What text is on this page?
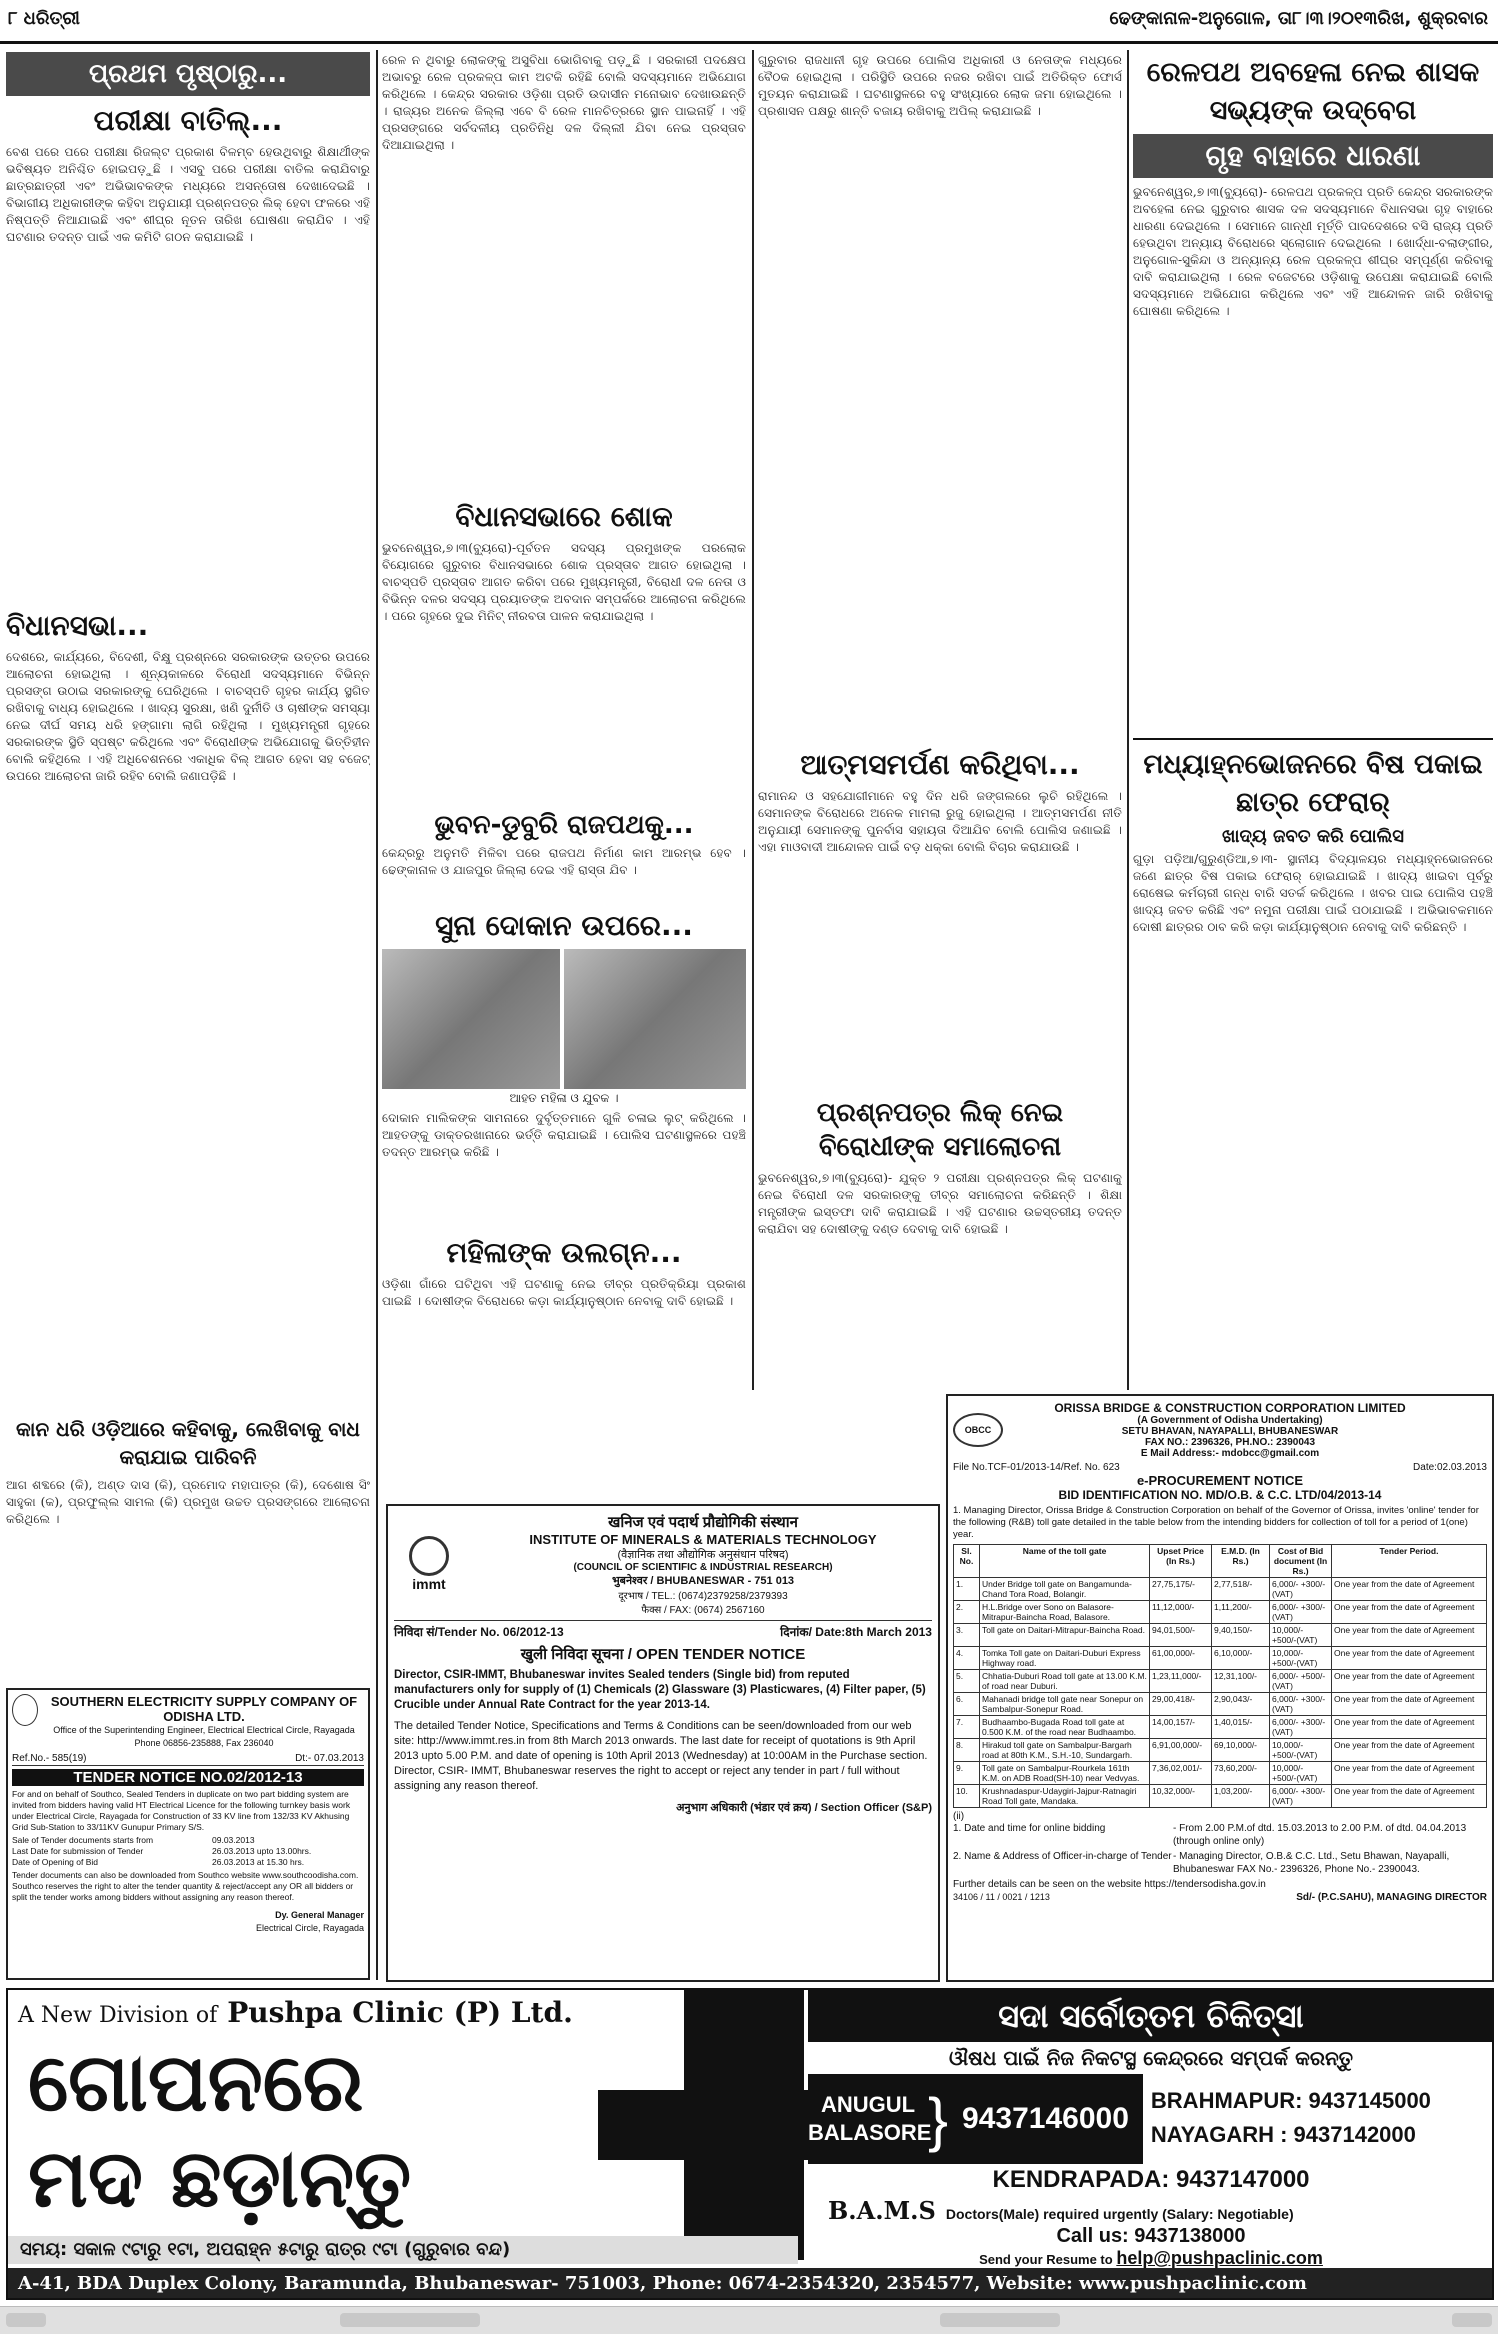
୮ ଧରିତ୍ରୀ	ଢେଙ୍କାନାଳ-ଅନୁଗୋଳ, ତା୮।୩।୨୦୧୩ରିଖ, ଶୁକ୍ରବାର
ପ୍ରଥମ ପୃଷ୍ଠାରୁ...
ପରୀକ୍ଷା ବାତିଲ୍...
ବେଶ ପରେ ପରେ ପରୀକ୍ଷା ରିଜଲ୍ଟ ପ୍ରକାଶ ବିଳମ୍ବ ହେଉଥିବାରୁ ଶିକ୍ଷାର୍ଥୀଙ୍କ ଭବିଷ୍ୟତ ଅନିଶ୍ଚିତ ହୋଇପଡ଼ୁଛି । ଏସବୁ ପରେ ପରୀକ୍ଷା ବାତିଲ କରାଯିବାରୁ ଛାତ୍ରଛାତ୍ରୀ ଏବଂ ଅଭିଭାବକଙ୍କ ମଧ୍ୟରେ ଅସନ୍ତୋଷ ଦେଖାଦେଇଛି । ବିଭାଗୀୟ ଅଧିକାରୀଙ୍କ କହିବା ଅନୁଯାୟୀ ପ୍ରଶ୍ନପତ୍ର ଲିକ୍ ହେବା ଫଳରେ ଏହି ନିଷ୍ପତ୍ତି ନିଆଯାଇଛି ଏବଂ ଶୀଘ୍ର ନୂତନ ତାରିଖ ଘୋଷଣା କରାଯିବ । ଏହି ଘଟଣାର ତଦନ୍ତ ପାଇଁ ଏକ କମିଟି ଗଠନ କରାଯାଇଛି ।
ବିଧାନସଭା...
ଦେଶରେ, କାର୍ଯ୍ୟରେ, ବିଦେଶୀ, ବିକ୍ଷୁ ପ୍ରଶ୍ନରେ ସରକାରଙ୍କ ଉତ୍ତର ଉପରେ ଆଲୋଚନା ହୋଇଥିଲା । ଶୂନ୍ୟକାଳରେ ବିରୋଧୀ ସଦସ୍ୟମାନେ ବିଭିନ୍ନ ପ୍ରସଙ୍ଗ ଉଠାଇ ସରକାରଙ୍କୁ ଘେରିଥିଲେ । ବାଚସ୍ପତି ଗୃହର କାର୍ଯ୍ୟ ସ୍ଥଗିତ ରଖିବାକୁ ବାଧ୍ୟ ହୋଇଥିଲେ । ଖାଦ୍ୟ ସୁରକ୍ଷା, ଖଣି ଦୁର୍ନୀତି ଓ ଚାଷୀଙ୍କ ସମସ୍ୟା ନେଇ ଦୀର୍ଘ ସମୟ ଧରି ହଙ୍ଗାମା ଲାଗି ରହିଥିଲା । ମୁଖ୍ୟମନ୍ତ୍ରୀ ଗୃହରେ ସରକାରଙ୍କ ସ୍ଥିତି ସ୍ପଷ୍ଟ କରିଥିଲେ ଏବଂ ବିରୋଧୀଙ୍କ ଅଭିଯୋଗକୁ ଭିତ୍ତିହୀନ ବୋଲି କହିଥିଲେ । ଏହି ଅଧିବେଶନରେ ଏକାଧିକ ବିଲ୍ ଆଗତ ହେବା ସହ ବଜେଟ୍ ଉପରେ ଆଲୋଚନା ଜାରି ରହିବ ବୋଲି ଜଣାପଡ଼ିଛି ।
କାନ ଧରି ଓଡ଼ିଆରେ କହିବାକୁ, ଲେଖିବାକୁ ବାଧ କରାଯାଇ ପାରିବନି
ଆଗ ଶବ୍ଦରେ (କି), ଅଣ୍ଡ ଦାସ (କି), ପ୍ରମୋଦ ମହାପାତ୍ର (କି), ଦେଶୋଷ ସିଂ ସାହୁକା (କ), ପ୍ରଫୁଲ୍ଲ ସାମଲ (କି) ପ୍ରମୁଖ ଉଚ୍ଚତ ପ୍ରସଙ୍ଗରେ ଆଲୋଚନା କରିଥିଲେ ।
SOUTHERN ELECTRICITY SUPPLY COMPANY OF ODISHA LTD.
Office of the Superintending Engineer, Electrical Electrical Circle, Rayagada Phone 06856-235888, Fax 236040
Ref.No.- 585(19)	Dt:- 07.03.2013
TENDER NOTICE NO.02/2012-13
For and on behalf of Southco, Sealed Tenders in duplicate on two part bidding system are invited from bidders having valid HT Electrical Licence for the following turnkey basis work under Electrical Circle, Rayagada for Construction of 33 KV line from 132/33 KV Akhusing Grid Sub-Station to 33/11KV Gunupur Primary S/S.
Sale of Tender documents starts from	09.03.2013
Last Date for submission of Tender	26.03.2013 upto 13.00hrs.
Date of Opening of Bid	26.03.2013 at 15.30 hrs.
Tender documents can also be downloaded from Southco website www.southcoodisha.com. Southco reserves the right to alter the tender quantity & reject/accept any OR all bidders or split the tender works among bidders without assigning any reason thereof.
Dy. General Manager
Electrical Circle, Rayagada
ରେଳ ନ ଥିବାରୁ ଲୋକଙ୍କୁ ଅସୁବିଧା ଭୋଗିବାକୁ ପଡ଼ୁଛି । ସରକାରୀ ପଦକ୍ଷେପ ଅଭାବରୁ ରେଳ ପ୍ରକଳ୍ପ କାମ ଅଟକି ରହିଛି ବୋଲି ସଦସ୍ୟମାନେ ଅଭିଯୋଗ କରିଥିଲେ । କେନ୍ଦ୍ର ସରକାର ଓଡ଼ିଶା ପ୍ରତି ଉଦାସୀନ ମନୋଭାବ ଦେଖାଉଛନ୍ତି । ରାଜ୍ୟର ଅନେକ ଜିଲ୍ଲା ଏବେ ବି ରେଳ ମାନଚିତ୍ରରେ ସ୍ଥାନ ପାଇନାହିଁ । ଏହି ପ୍ରସଙ୍ଗରେ ସର୍ବଦଳୀୟ ପ୍ରତିନିଧି ଦଳ ଦିଲ୍ଲୀ ଯିବା ନେଇ ପ୍ରସ୍ତାବ ଦିଆଯାଇଥିଲା ।
ବିଧାନସଭାରେ ଶୋକ
ଭୁବନେଶ୍ୱର,୭।୩(ବ୍ୟୁରୋ)-ପୂର୍ବତନ ସଦସ୍ୟ ପ୍ରମୁଖଙ୍କ ପରଲୋକ ବିୟୋଗରେ ଗୁରୁବାର ବିଧାନସଭାରେ ଶୋକ ପ୍ରସ୍ତାବ ଆଗତ ହୋଇଥିଲା । ବାଚସ୍ପତି ପ୍ରସ୍ତାବ ଆଗତ କରିବା ପରେ ମୁଖ୍ୟମନ୍ତ୍ରୀ, ବିରୋଧୀ ଦଳ ନେତା ଓ ବିଭିନ୍ନ ଦଳର ସଦସ୍ୟ ପ୍ରୟାତଙ୍କ ଅବଦାନ ସମ୍ପର୍କରେ ଆଲୋଚନା କରିଥିଲେ । ପରେ ଗୃହରେ ଦୁଇ ମିନିଟ୍ ନୀରବତା ପାଳନ କରାଯାଇଥିଲା ।
ଭୁବନ-ଡୁବୁରି ରାଜପଥକୁ...
କେନ୍ଦ୍ରରୁ ଅନୁମତି ମିଳିବା ପରେ ରାଜପଥ ନିର୍ମାଣ କାମ ଆରମ୍ଭ ହେବ । ଢେଙ୍କାନାଳ ଓ ଯାଜପୁର ଜିଲ୍ଲା ଦେଇ ଏହି ରାସ୍ତା ଯିବ ।
ସୁନା ଦୋକାନ ଉପରେ...
ଆହତ ମହିଳା ଓ ଯୁବକ ।
ଦୋକାନ ମାଲିକଙ୍କ ସାମନାରେ ଦୁର୍ବୃତ୍ତମାନେ ଗୁଳି ଚଳାଇ ଲୁଟ୍ କରିଥିଲେ । ଆହତଙ୍କୁ ଡାକ୍ତରଖାନାରେ ଭର୍ତ୍ତି କରାଯାଇଛି । ପୋଲିସ ଘଟଣାସ୍ଥଳରେ ପହଞ୍ଚି ତଦନ୍ତ ଆରମ୍ଭ କରିଛି ।
ମହିଳାଙ୍କ ଉଲଗ୍ନ...
ଓଡ଼ିଶା ଗାଁରେ ଘଟିଥିବା ଏହି ଘଟଣାକୁ ନେଇ ତୀବ୍ର ପ୍ରତିକ୍ରିୟା ପ୍ରକାଶ ପାଇଛି । ଦୋଷୀଙ୍କ ବିରୋଧରେ କଡ଼ା କାର୍ଯ୍ୟାନୁଷ୍ଠାନ ନେବାକୁ ଦାବି ହୋଇଛି ।
ଗୁରୁବାର ରାଜଧାନୀ ଗୃହ ଉପରେ ପୋଲିସ ଅଧିକାରୀ ଓ ନେତାଙ୍କ ମଧ୍ୟରେ ବୈଠକ ହୋଇଥିଲା । ପରିସ୍ଥିତି ଉପରେ ନଜର ରଖିବା ପାଇଁ ଅତିରିକ୍ତ ଫୋର୍ସ ମୁତୟନ କରାଯାଇଛି । ଘଟଣାସ୍ଥଳରେ ବହୁ ସଂଖ୍ୟାରେ ଲୋକ ଜମା ହୋଇଥିଲେ । ପ୍ରଶାସନ ପକ୍ଷରୁ ଶାନ୍ତି ବଜାୟ ରଖିବାକୁ ଅପିଲ୍ କରାଯାଇଛି ।
ଆତ୍ମସମର୍ପଣ କରିଥିବା...
ରାମାନନ୍ଦ ଓ ସହଯୋଗୀମାନେ ବହୁ ଦିନ ଧରି ଜଙ୍ଗଲରେ ଲୁଚି ରହିଥିଲେ । ସେମାନଙ୍କ ବିରୋଧରେ ଅନେକ ମାମଲା ରୁଜୁ ହୋଇଥିଲା । ଆତ୍ମସମର୍ପଣ ନୀତି ଅନୁଯାୟୀ ସେମାନଙ୍କୁ ପୁନର୍ବାସ ସହାୟତା ଦିଆଯିବ ବୋଲି ପୋଲିସ ଜଣାଇଛି । ଏହା ମାଓବାଦୀ ଆନ୍ଦୋଳନ ପାଇଁ ବଡ଼ ଧକ୍କା ବୋଲି ବିଚାର କରାଯାଉଛି ।
ପ୍ରଶ୍ନପତ୍ର ଲିକ୍ ନେଇ ବିରୋଧୀଙ୍କ ସମାଲୋଚନା
ଭୁବନେଶ୍ୱର,୭।୩(ବ୍ୟୁରୋ)- ଯୁକ୍ତ ୨ ପରୀକ୍ଷା ପ୍ରଶ୍ନପତ୍ର ଲିକ୍ ଘଟଣାକୁ ନେଇ ବିରୋଧୀ ଦଳ ସରକାରଙ୍କୁ ତୀବ୍ର ସମାଲୋଚନା କରିଛନ୍ତି । ଶିକ୍ଷା ମନ୍ତ୍ରୀଙ୍କ ଇସ୍ତଫା ଦାବି କରାଯାଇଛି । ଏହି ଘଟଣାର ଉଚ୍ଚସ୍ତରୀୟ ତଦନ୍ତ କରାଯିବା ସହ ଦୋଷୀଙ୍କୁ ଦଣ୍ଡ ଦେବାକୁ ଦାବି ହୋଇଛି ।
immt
खनिज एवं पदार्थ प्रौद्योगिकी संस्थान
INSTITUTE OF MINERALS & MATERIALS TECHNOLOGY
(वैज्ञानिक तथा औद्योगिक अनुसंधान परिषद)
(COUNCIL OF SCIENTIFIC & INDUSTRIAL RESEARCH)
भुबनेश्वर / BHUBANESWAR - 751 013
दूरभाष / TEL.: (0674)2379258/2379393
फैक्स / FAX: (0674) 2567160
निविदा सं/Tender No. 06/2012-13	दिनांक/ Date:8th March 2013
खुली निविदा सूचना / OPEN TENDER NOTICE
Director, CSIR-IMMT, Bhubaneswar invites Sealed tenders (Single bid) from reputed manufacturers only for supply of (1) Chemicals (2) Glassware (3) Plasticwares, (4) Filter paper, (5) Crucible under Annual Rate Contract for the year 2013-14.
The detailed Tender Notice, Specifications and Terms & Conditions can be seen/downloaded from our web site: http://www.immt.res.in from 8th March 2013 onwards. The last date for receipt of quotations is 9th April 2013 upto 5.00 P.M. and date of opening is 10th April 2013 (Wednesday) at 10:00AM in the Purchase section. Director, CSIR- IMMT, Bhubaneswar reserves the right to accept or reject any tender in part / full without assigning any reason thereof.
अनुभाग अधिकारी (भंडार एवं क्रय) / Section Officer (S&P)
ରେଳପଥ ଅବହେଳା ନେଇ ଶାସକ ସଭ୍ୟଙ୍କ ଉଦ୍‌ବେଗ
ଗୃହ ବାହାରେ ଧାରଣା
ଭୁବନେଶ୍ୱର,୭।୩(ବ୍ୟୁରୋ)- ରେଳପଥ ପ୍ରକଳ୍ପ ପ୍ରତି କେନ୍ଦ୍ର ସରକାରଙ୍କ ଅବହେଳା ନେଇ ଗୁରୁବାର ଶାସକ ଦଳ ସଦସ୍ୟମାନେ ବିଧାନସଭା ଗୃହ ବାହାରେ ଧାରଣା ଦେଇଥିଲେ । ସେମାନେ ଗାନ୍ଧୀ ମୂର୍ତ୍ତି ପାଦଦେଶରେ ବସି ରାଜ୍ୟ ପ୍ରତି ହେଉଥିବା ଅନ୍ୟାୟ ବିରୋଧରେ ସ୍ଲୋଗାନ ଦେଇଥିଲେ । ଖୋର୍ଦ୍ଧା-ବଲାଙ୍ଗୀର, ଅନୁଗୋଳ-ସୁକିନ୍ଦା ଓ ଅନ୍ୟାନ୍ୟ ରେଳ ପ୍ରକଳ୍ପ ଶୀଘ୍ର ସମ୍ପୂର୍ଣ୍ଣ କରିବାକୁ ଦାବି କରାଯାଇଥିଲା । ରେଳ ବଜେଟରେ ଓଡ଼ିଶାକୁ ଉପେକ୍ଷା କରାଯାଇଛି ବୋଲି ସଦସ୍ୟମାନେ ଅଭିଯୋଗ କରିଥିଲେ ଏବଂ ଏହି ଆନ୍ଦୋଳନ ଜାରି ରଖିବାକୁ ଘୋଷଣା କରିଥିଲେ ।
ମଧ୍ୟାହ୍ନଭୋଜନରେ ବିଷ ପକାଇ ଛାତ୍ର ଫେରାର୍
ଖାଦ୍ୟ ଜବତ କରି ପୋଲିସ
ଗୁଡ଼ା ପଡ଼ିଆ/ଗୁରୁଣ୍ଡିଆ,୭।୩- ସ୍ଥାନୀୟ ବିଦ୍ୟାଳୟର ମଧ୍ୟାହ୍ନଭୋଜନରେ ଜଣେ ଛାତ୍ର ବିଷ ପକାଇ ଫେରାର୍ ହୋଇଯାଇଛି । ଖାଦ୍ୟ ଖାଇବା ପୂର୍ବରୁ ରୋଷେଇ କର୍ମଚାରୀ ଗନ୍ଧ ବାରି ସତର୍କ କରିଥିଲେ । ଖବର ପାଇ ପୋଲିସ ପହଞ୍ଚି ଖାଦ୍ୟ ଜବତ କରିଛି ଏବଂ ନମୁନା ପରୀକ୍ଷା ପାଇଁ ପଠାଯାଇଛି । ଅଭିଭାବକମାନେ ଦୋଷୀ ଛାତ୍ରର ଠାବ କରି କଡ଼ା କାର୍ଯ୍ୟାନୁଷ୍ଠାନ ନେବାକୁ ଦାବି କରିଛନ୍ତି ।
OBCC
ORISSA BRIDGE & CONSTRUCTION CORPORATION LIMITED
(A Government of Odisha Undertaking)
SETU BHAVAN, NAYAPALLI, BHUBANESWAR
FAX NO.: 2396326, PH.NO.: 2390043
E Mail Address:- mdobcc@gmail.com
File No.TCF-01/2013-14/Ref. No. 623	Date:02.03.2013
e-PROCUREMENT NOTICE
BID IDENTIFICATION NO. MD/O.B. & C.C. LTD/04/2013-14
1. Managing Director, Orissa Bridge & Construction Corporation on behalf of the Governor of Orissa, invites 'online' tender for the following (R&B) toll gate detailed in the table below from the intending bidders for collection of toll for a period of 1(one) year.
Sl. No.	Name of the toll gate	Upset Price (In Rs.)	E.M.D. (In Rs.)	Cost of Bid document (In Rs.)	Tender Period.
1.	Under Bridge toll gate on Bangamunda-Chand Tora Road, Bolangir.	27,75,175/-	2,77,518/-	6,000/- +300/-(VAT)	One year from the date of Agreement
2.	H.L.Bridge over Sono on Balasore-Mitrapur-Baincha Road, Balasore.	11,12,000/-	1,11,200/-	6,000/- +300/-(VAT)	One year from the date of Agreement
3.	Toll gate on Daitari-Mitrapur-Baincha Road.	94,01,500/-	9,40,150/-	10,000/- +500/-(VAT)	One year from the date of Agreement
4.	Tomka Toll gate on Daitari-Duburi Express Highway road.	61,00,000/-	6,10,000/-	10,000/- +500/-(VAT)	One year from the date of Agreement
5.	Chhatia-Duburi Road toll gate at 13.00 K.M. of road near Duburi.	1,23,11,000/-	12,31,100/-	6,000/- +500/-(VAT)	One year from the date of Agreement
6.	Mahanadi bridge toll gate near Sonepur on Sambalpur-Sonepur Road.	29,00,418/-	2,90,043/-	6,000/- +300/-(VAT)	One year from the date of Agreement
7.	Budhaambo-Bugada Road toll gate at 0.500 K.M. of the road near Budhaambo.	14,00,157/-	1,40,015/-	6,000/- +300/-(VAT)	One year from the date of Agreement
8.	Hirakud toll gate on Sambalpur-Bargarh road at 80th K.M., S.H.-10, Sundargarh.	6,91,00,000/-	69,10,000/-	10,000/- +500/-(VAT)	One year from the date of Agreement
9.	Toll gate on Sambalpur-Rourkela 161th K.M. on ADB Road(SH-10) near Vedvyas.	7,36,02,001/-	73,60,200/-	10,000/- +500/-(VAT)	One year from the date of Agreement
10.	Krushnadaspur-Udaygiri-Jajpur-Ratnagiri Road Toll gate, Mandaka.	10,32,000/-	1,03,200/-	6,000/- +300/-(VAT)	One year from the date of Agreement
(ii)
1. Date and time for online bidding	- From 2.00 P.M.of dtd. 15.03.2013 to 2.00 P.M. of dtd. 04.04.2013 (through online only)
2. Name & Address of Officer-in-charge of Tender - Managing Director, O.B.& C.C. Ltd., Setu Bhawan, Nayapalli, Bhubaneswar FAX No.- 2396326, Phone No.- 2390043.
Further details can be seen on the website https://tendersodisha.gov.in
34106 / 11 / 0021 / 1213	Sd/- (P.C.SAHU), MANAGING DIRECTOR
A New Division of Pushpa Clinic (P) Ltd.
ଗୋପନରେ
ମଦ ଛଡ଼ାନ୍ତୁ
ସଦା ସର୍ବୋତ୍ତମ ଚିକିତ୍ସା
ଔଷଧ ପାଇଁ ନିଜ ନିକଟସ୍ଥ କେନ୍ଦ୍ରରେ ସମ୍ପର୍କ କରନ୍ତୁ
ANUGUL
BALASORE
} 9437146000
BRAHMAPUR: 9437145000
NAYAGARH : 9437142000
KENDRAPADA: 9437147000
B.A.M.S Doctors(Male) required urgently (Salary: Negotiable)
Call us: 9437138000
Send your Resume to help@pushpaclinic.com
ସମୟ: ସକାଳ ୯ଟାରୁ ୧ଟା, ଅପରାହ୍ନ ୫ଟାରୁ ରାତ୍ର ୯ଟା (ଗୁରୁବାର ବନ୍ଦ)
A-41, BDA Duplex Colony, Baramunda, Bhubaneswar- 751003, Phone: 0674-2354320, 2354577, Website: www.pushpaclinic.com
